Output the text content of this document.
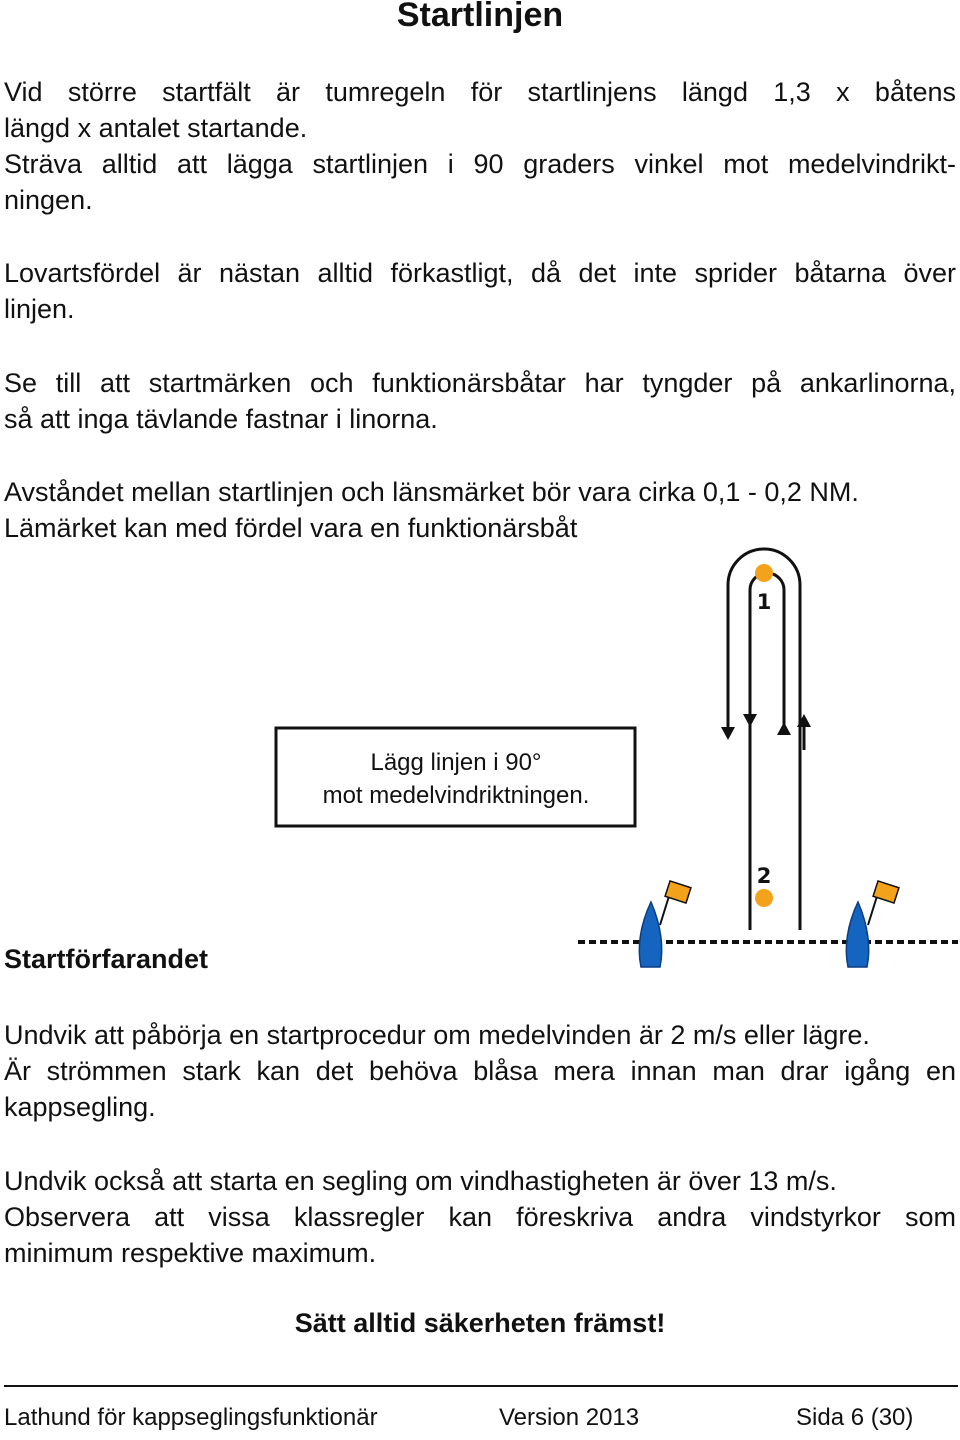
Startlinjen

Vid större startfält är tumregeln för startlinjens längd 1,3 x båtens
längd x antalet startande.
Sträva alltid att lägga startlinjen i 90 graders vinkel mot medelvindrikt-
ningen.

Lovartsfördel är nästan alltid förkastligt, då det inte sprider båtarna över
linjen.

Se till att startmärken och funktionärsbåtar har tyngder på ankarlinorna,
så att inga tävlande fastnar i linorna.

Avståndet mellan startlinjen och länsmärket bör vara cirka 0,1 - 0,2 NM.
Lämärket kan med fördel vara en funktionärsbåt

1
Lägg linjen i 90°
mot medelvindriktningen.
2
Startförfarandet

Undvik att påbörja en startprocedur om medelvinden är 2 m/s eller lägre.
Är strömmen stark kan det behöva blåsa mera innan man drar igång en
kappsegling.

Undvik också att starta en segling om vindhastigheten är över 13 m/s.
Observera att vissa klassregler kan föreskriva andra vindstyrkor som
minimum respektive maximum.

Sätt alltid säkerheten främst!
Lathund för kappseglingsfunktionär	Version 2013	Sida 6 (30)
